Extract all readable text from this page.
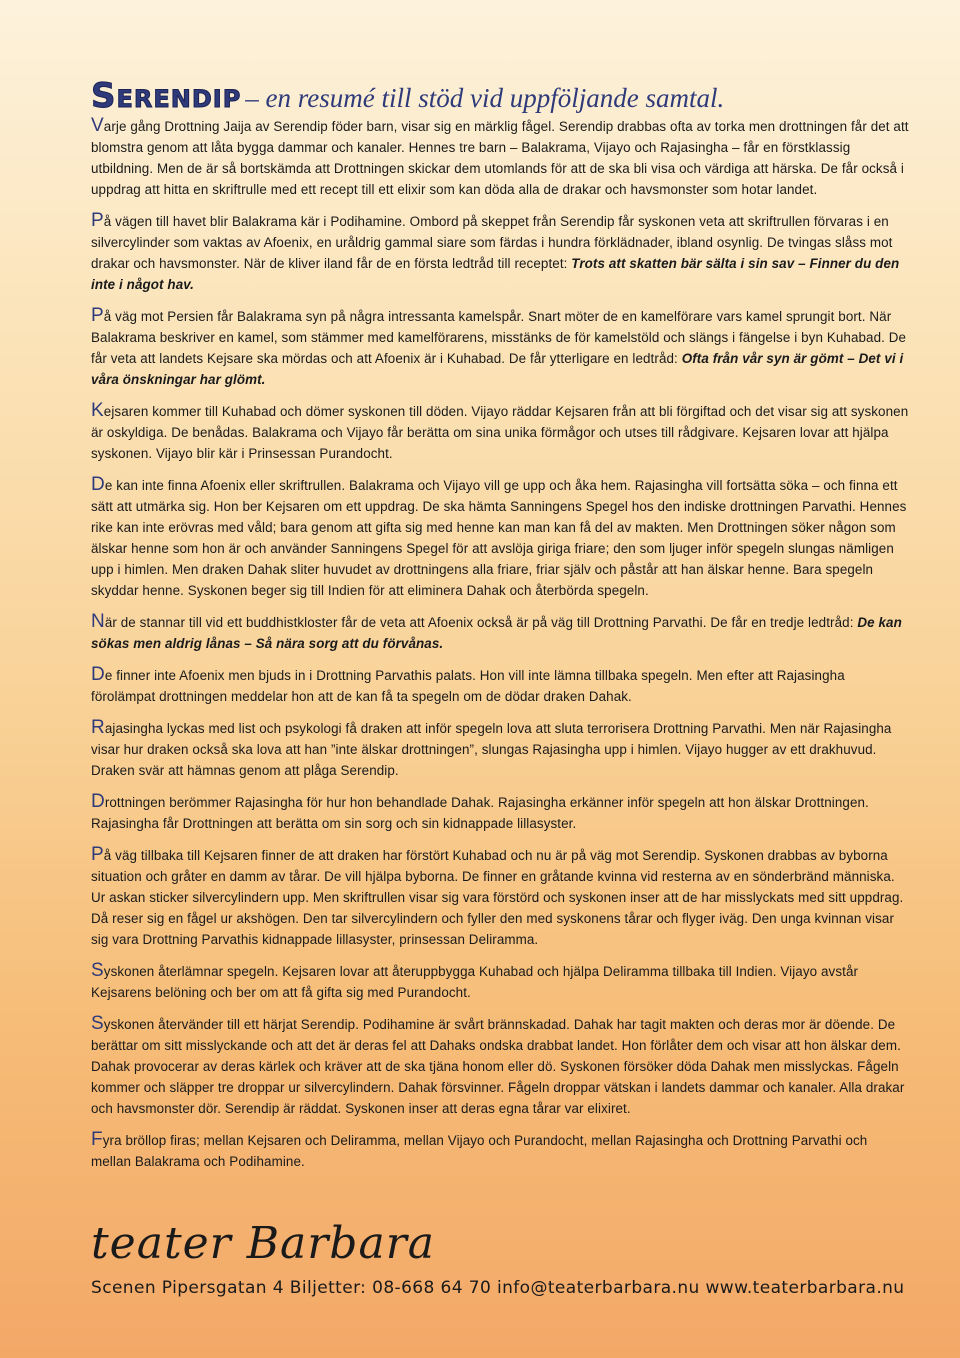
Serendip – en resumé till stöd vid uppföljande samtal.

Varje gång Drottning Jaija av Serendip föder barn, visar sig en märklig fågel. Serendip drabbas ofta av torka men drottningen får det att blomstra genom att låta bygga dammar och kanaler. Hennes tre barn – Balakrama, Vijayo och Rajasingha – får en förstklassig utbildning. Men de är så bortskämda att Drottningen skickar dem utomlands för att de ska bli visa och värdiga att härska. De får också i uppdrag att hitta en skriftrulle med ett recept till ett elixir som kan döda alla de drakar och havsmonster som hotar landet.

På vägen till havet blir Balakrama kär i Podihamine. Ombord på skeppet från Serendip får syskonen veta att skriftrullen förvaras i en silvercylinder som vaktas av Afoenix, en uråldrig gammal siare som färdas i hundra förklädnader, ibland osynlig. De tvingas slåss mot drakar och havsmonster. När de kliver iland får de en första ledtråd till receptet: Trots att skatten bär sälta i sin sav – Finner du den inte i något hav.

På väg mot Persien får Balakrama syn på några intressanta kamelspår. Snart möter de en kamelförare vars kamel sprungit bort. När Balakrama beskriver en kamel, som stämmer med kamelförarens, misstänks de för kamelstöld och slängs i fängelse i byn Kuhabad. De får veta att landets Kejsare ska mördas och att Afoenix är i Kuhabad. De får ytterligare en ledtråd: Ofta från vår syn är gömt – Det vi i våra önskningar har glömt.

Kejsaren kommer till Kuhabad och dömer syskonen till döden. Vijayo räddar Kejsaren från att bli förgiftad och det visar sig att syskonen är oskyldiga. De benådas. Balakrama och Vijayo får berätta om sina unika förmågor och utses till rådgivare. Kejsaren lovar att hjälpa syskonen. Vijayo blir kär i Prinsessan Purandocht.

De kan inte finna Afoenix eller skriftrullen. Balakrama och Vijayo vill ge upp och åka hem. Rajasingha vill fortsätta söka – och finna ett sätt att utmärka sig. Hon ber Kejsaren om ett uppdrag. De ska hämta Sanningens Spegel hos den indiske drottningen Parvathi. Hennes rike kan inte erövras med våld; bara genom att gifta sig med henne kan man kan få del av makten. Men Drottningen söker någon som älskar henne som hon är och använder Sanningens Spegel för att avslöja giriga friare; den som ljuger inför spegeln slungas nämligen upp i himlen. Men draken Dahak sliter huvudet av drottningens alla friare, friar själv och påstår att han älskar henne. Bara spegeln skyddar henne. Syskonen beger sig till Indien för att eliminera Dahak och återbörda spegeln.

När de stannar till vid ett buddhistkloster får de veta att Afoenix också är på väg till Drottning Parvathi. De får en tredje ledtråd: De kan sökas men aldrig lånas – Så nära sorg att du förvånas.

De finner inte Afoenix men bjuds in i Drottning Parvathis palats. Hon vill inte lämna tillbaka spegeln. Men efter att Rajasingha förolämpat drottningen meddelar hon att de kan få ta spegeln om de dödar draken Dahak.

Rajasingha lyckas med list och psykologi få draken att inför spegeln lova att sluta terrorisera Drottning Parvathi. Men när Rajasingha visar hur draken också ska lova att han ”inte älskar drottningen”, slungas Rajasingha upp i himlen. Vijayo hugger av ett drakhuvud. Draken svär att hämnas genom att plåga Serendip.

Drottningen berömmer Rajasingha för hur hon behandlade Dahak. Rajasingha erkänner inför spegeln att hon älskar Drottningen. Rajasingha får Drottningen att berätta om sin sorg och sin kidnappade lillasyster.

På väg tillbaka till Kejsaren finner de att draken har förstört Kuhabad och nu är på väg mot Serendip. Syskonen drabbas av byborna situation och gråter en damm av tårar. De vill hjälpa byborna. De finner en gråtande kvinna vid resterna av en sönderbränd människa. Ur askan sticker silvercylindern upp. Men skriftrullen visar sig vara förstörd och syskonen inser att de har misslyckats med sitt uppdrag. Då reser sig en fågel ur akshögen. Den tar silvercylindern och fyller den med syskonens tårar och flyger iväg. Den unga kvinnan visar sig vara Drottning Parvathis kidnappade lillasyster, prinsessan Deliramma.

Syskonen återlämnar spegeln. Kejsaren lovar att återuppbygga Kuhabad och hjälpa Deliramma tillbaka till Indien. Vijayo avstår Kejsarens belöning och ber om att få gifta sig med Purandocht.

Syskonen återvänder till ett härjat Serendip. Podihamine är svårt brännskadad. Dahak har tagit makten och deras mor är döende. De berättar om sitt misslyckande och att det är deras fel att Dahaks ondska drabbat landet. Hon förlåter dem och visar att hon älskar dem. Dahak provocerar av deras kärlek och kräver att de ska tjäna honom eller dö. Syskonen försöker döda Dahak men misslyckas. Fågeln kommer och släpper tre droppar ur silvercylindern. Dahak försvinner. Fågeln droppar vätskan i landets dammar och kanaler. Alla drakar och havsmonster dör. Serendip är räddat. Syskonen inser att deras egna tårar var elixiret.

Fyra bröllop firas; mellan Kejsaren och Deliramma, mellan Vijayo och Purandocht, mellan Rajasingha och Drottning Parvathi och mellan Balakrama och Podihamine.

teater Barbara
Scenen Pipersgatan 4 Biljetter: 08-668 64 70 info@teaterbarbara.nu www.teaterbarbara.nu
